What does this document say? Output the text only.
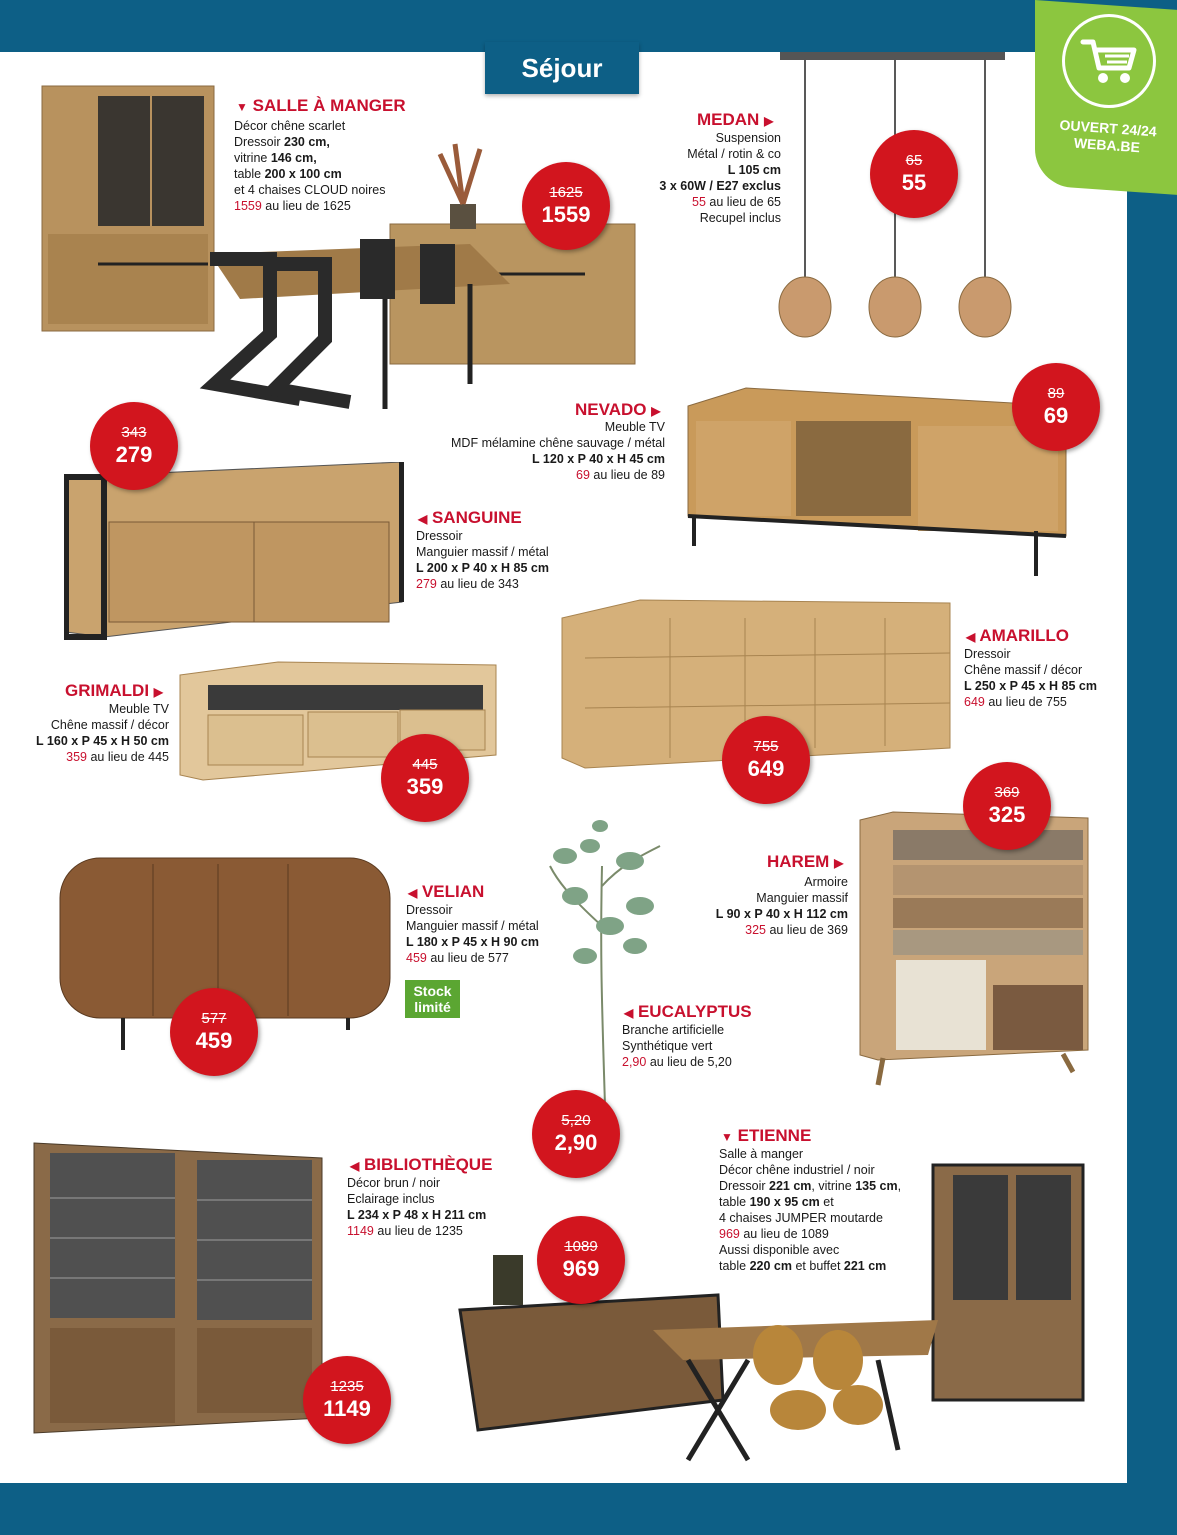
Séjour
OUVERT 24/24
WEBA.BE
▼ SALLE À MANGER
Décor chêne scarlet
Dressoir 230 cm,
vitrine 146 cm,
table 200 x 100 cm
et 4 chaises CLOUD noires
1559 au lieu de 1625
MEDAN ▶
Suspension
Métal / rotin & co
L 105 cm
3 x 60W / E27 exclus
55 au lieu de 65
Recupel inclus
NEVADO ▶
Meuble TV
MDF mélamine chêne sauvage / métal
L 120 x P 40 x H 45 cm
69 au lieu de 89
◀ SANGUINE
Dressoir
Manguier massif / métal
L 200 x P 40 x H 85 cm
279 au lieu de 343
◀ AMARILLO
Dressoir
Chêne massif / décor
L 250 x P 45 x H 85 cm
649 au lieu de 755
GRIMALDI ▶
Meuble TV
Chêne massif / décor
L 160 x P 45 x H 50 cm
359 au lieu de 445
◀ VELIAN
Dressoir
Manguier massif / métal
L 180 x P 45 x H 90 cm
459 au lieu de 577
Stock
limité
HAREM ▶
Armoire
Manguier massif
L 90 x P 40 x H 112 cm
325 au lieu de 369
◀ EUCALYPTUS
Branche artificielle
Synthétique vert
2,90 au lieu de 5,20
◀ BIBLIOTHÈQUE
Décor brun / noir
Eclairage inclus
L 234 x P 48 x H 211 cm
1149 au lieu de 1235
▼ ETIENNE
Salle à manger
Décor chêne industriel / noir
Dressoir 221 cm, vitrine 135 cm,
table 190 x 95 cm et
4 chaises JUMPER moutarde
969 au lieu de 1089
Aussi disponible avec
table 220 cm et buffet 221 cm
1625
1559
65
55
89
69
343
279
755
649
445
359	369
325
577
459
5,20
2,90
1089
969
1235
1149
